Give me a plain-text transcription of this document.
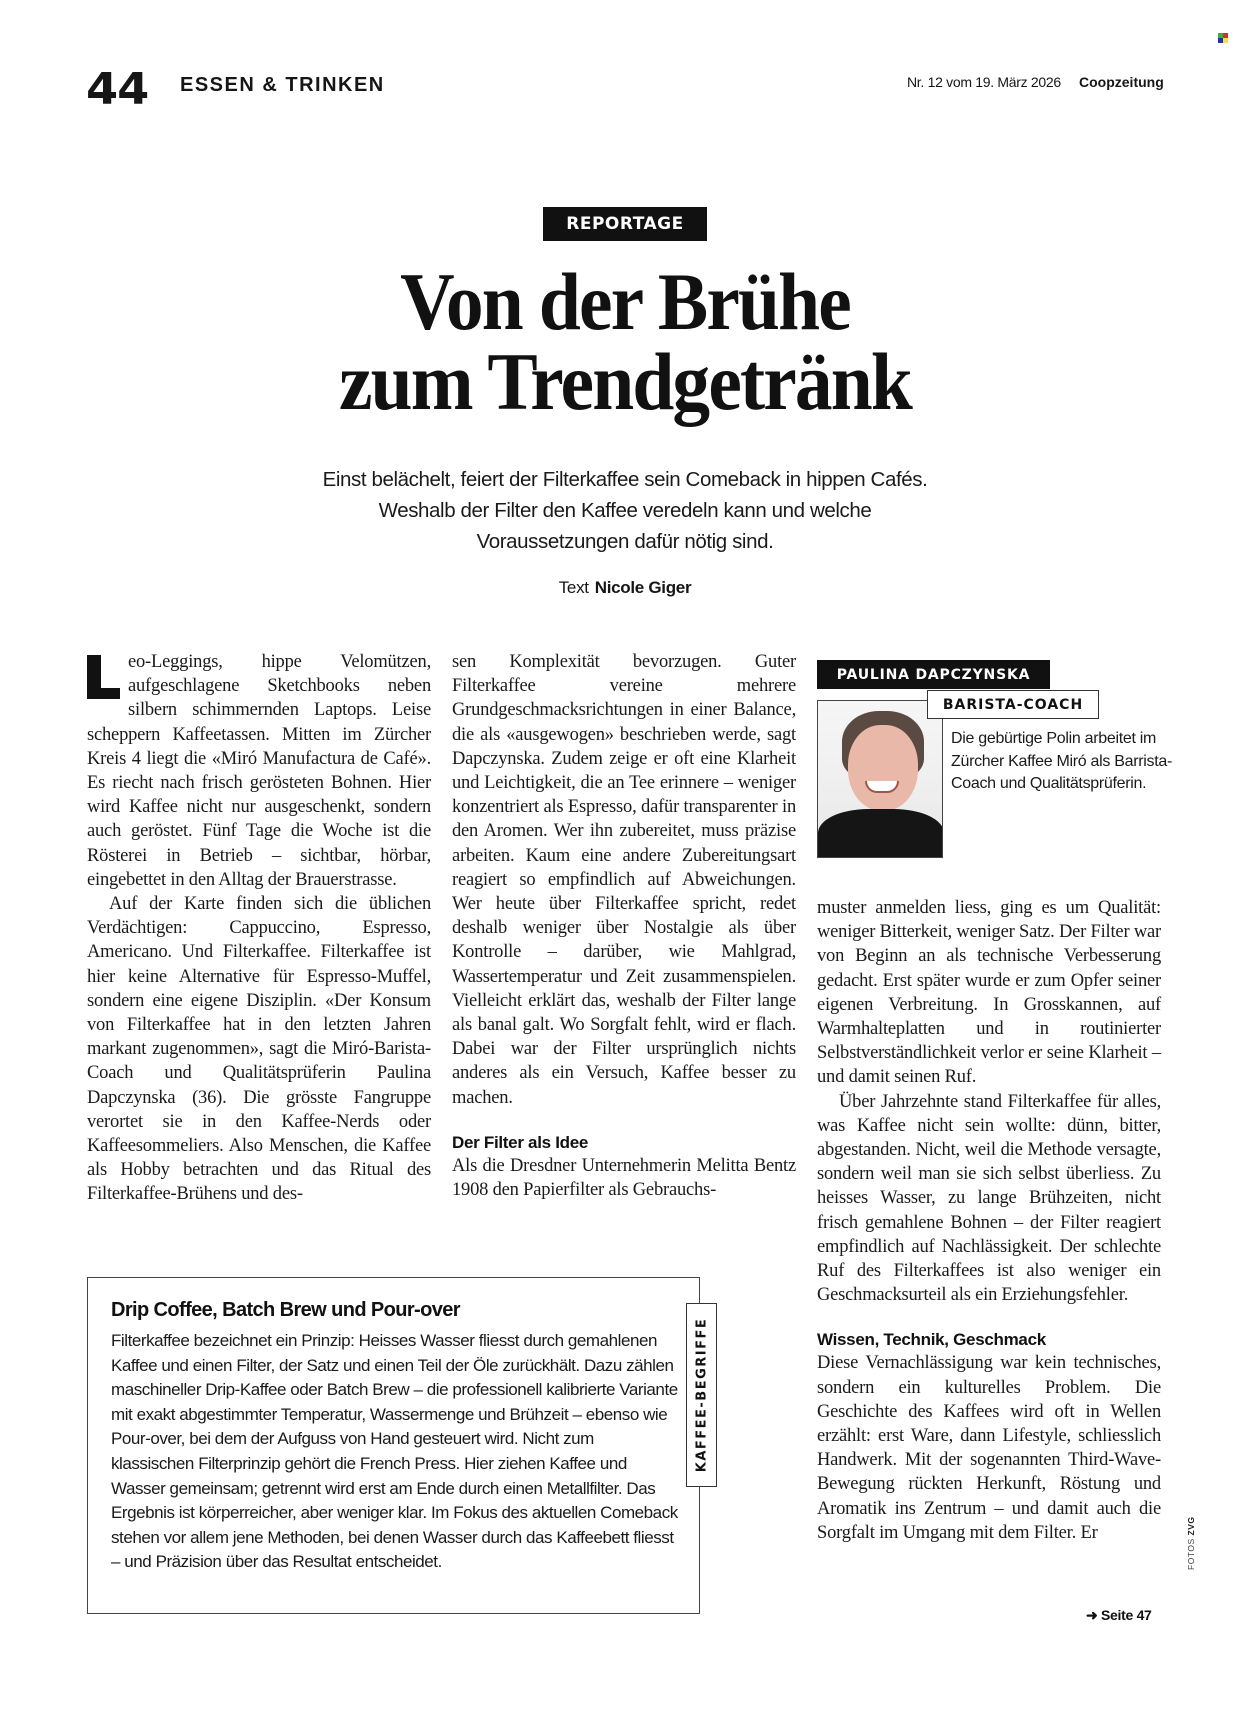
44 ESSEN & TRINKEN	Nr. 12 vom 19. März 2026 Coopzeitung
REPORTAGE
Von der Brühe
zum Trendgetränk

Einst belächelt, feiert der Filterkaffee sein Comeback in hippen Cafés. Weshalb der Filter den Kaffee veredeln kann und welche Voraussetzungen dafür nötig sind.

Text Nicole Giger

eo-Leggings, hippe Velomützen, aufgeschlagene Sketchbooks neben silbern schimmernden Laptops. Leise scheppern Kaffeetassen. Mitten im Zürcher Kreis 4 liegt die «Miró Manufactura de Café». Es riecht nach frisch gerösteten Bohnen. Hier wird Kaffee nicht nur ausgeschenkt, sondern auch geröstet. Fünf Tage die Woche ist die Rösterei in Betrieb – sichtbar, hörbar, eingebettet in den Alltag der Brauerstrasse.

Auf der Karte finden sich die üblichen Verdächtigen: Cappuccino, Espresso, Americano. Und Filterkaffee. Filterkaffee ist hier keine Alternative für Espresso-Muffel, sondern eine eigene Disziplin. «Der Konsum von Filterkaffee hat in den letzten Jahren markant zugenommen», sagt die Miró-Barista-Coach und Qualitätsprüferin Paulina Dapczynska (36). Die grösste Fangruppe verortet sie in den Kaffee-Nerds oder Kaffeesommeliers. Also Menschen, die Kaffee als Hobby betrachten und das Ritual des Filterkaffee-Brühens und des-

sen Komplexität bevorzugen. Guter Filterkaffee vereine mehrere Grundgeschmacksrichtungen in einer Balance, die als «ausgewogen» beschrieben werde, sagt Dapczynska. Zudem zeige er oft eine Klarheit und Leichtigkeit, die an Tee erinnere – weniger konzentriert als Espresso, dafür transparenter in den Aromen. Wer ihn zubereitet, muss präzise arbeiten. Kaum eine andere Zubereitungsart reagiert so empfindlich auf Abweichungen. Wer heute über Filterkaffee spricht, redet deshalb weniger über Nostalgie als über Kontrolle – darüber, wie Mahlgrad, Wassertemperatur und Zeit zusammenspielen. Vielleicht erklärt das, weshalb der Filter lange als banal galt. Wo Sorgfalt fehlt, wird er flach. Dabei war der Filter ursprünglich nichts anderes als ein Versuch, Kaffee besser zu machen.

Der Filter als Idee

Als die Dresdner Unternehmerin Melitta Bentz 1908 den Papierfilter als Gebrauchs-

PAULINA DAPCZYNSKA
BARISTA-COACH

Die gebürtige Polin arbeitet im Zürcher Kaffee Miró als Barrista-Coach und Qualitätsprüferin.

muster anmelden liess, ging es um Qualität: weniger Bitterkeit, weniger Satz. Der Filter war von Beginn an als technische Verbesserung gedacht. Erst später wurde er zum Opfer seiner eigenen Verbreitung. In Grosskannen, auf Warmhalteplatten und in routinierter Selbstverständlichkeit verlor er seine Klarheit – und damit seinen Ruf.

Über Jahrzehnte stand Filterkaffee für alles, was Kaffee nicht sein wollte: dünn, bitter, abgestanden. Nicht, weil die Methode versagte, sondern weil man sie sich selbst überliess. Zu heisses Wasser, zu lange Brühzeiten, nicht frisch gemahlene Bohnen – der Filter reagiert empfindlich auf Nachlässigkeit. Der schlechte Ruf des Filterkaffees ist also weniger ein Geschmacksurteil als ein Erziehungsfehler.

Wissen, Technik, Geschmack

Diese Vernachlässigung war kein technisches, sondern ein kulturelles Problem. Die Geschichte des Kaffees wird oft in Wellen erzählt: erst Ware, dann Lifestyle, schliesslich Handwerk. Mit der sogenannten Third-Wave-Bewegung rückten Herkunft, Röstung und Aromatik ins Zentrum – und damit auch die Sorgfalt im Umgang mit dem Filter. Er

➜ Seite 47
Drip Coffee, Batch Brew und Pour-over

Filterkaffee bezeichnet ein Prinzip: Heisses Wasser fliesst durch gemahlenen Kaffee und einen Filter, der Satz und einen Teil der Öle zurückhält. Dazu zählen maschineller Drip-Kaffee oder Batch Brew – die professionell kalibrierte Variante mit exakt abgestimmter Temperatur, Wassermenge und Brühzeit – ebenso wie Pour-over, bei dem der Aufguss von Hand gesteuert wird. Nicht zum klassischen Filterprinzip gehört die French Press. Hier ziehen Kaffee und Wasser gemeinsam; getrennt wird erst am Ende durch einen Metallfilter. Das Ergebnis ist körperreicher, aber weniger klar. Im Fokus des aktuellen Comeback stehen vor allem jene Methoden, bei denen Wasser durch das Kaffeebett fliesst – und Präzision über das Resultat entscheidet.

KAFFEE-BEGRIFFE
FOTOS ZVG
